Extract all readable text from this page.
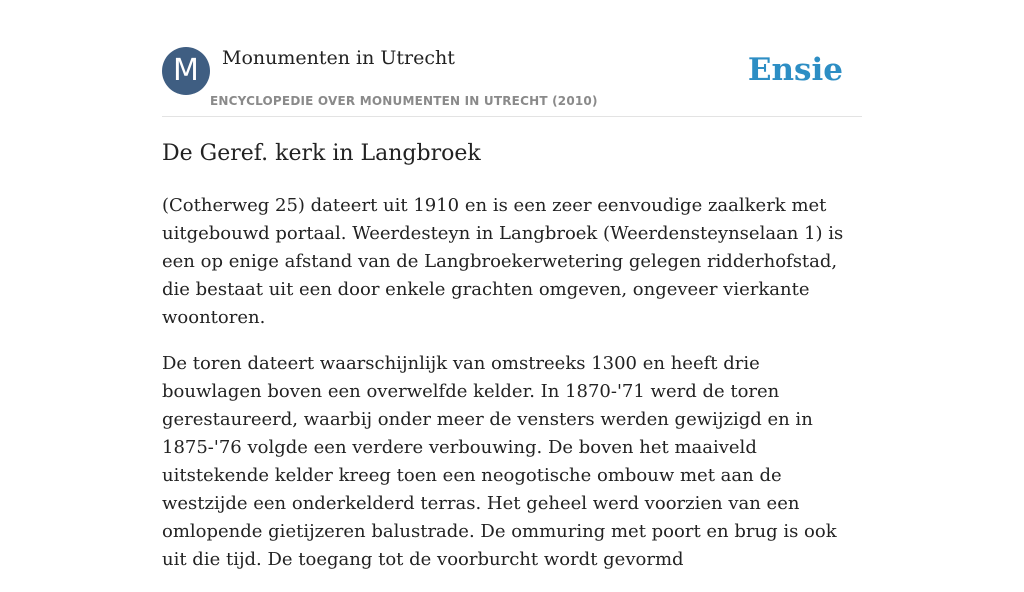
M	Monumenten in Utrecht
ENCYCLOPEDIE OVER MONUMENTEN IN UTRECHT (2010)
Ensie
De Geref. kerk in Langbroek

(Cotherweg 25) dateert uit 1910 en is een zeer eenvoudige zaalkerk met uitgebouwd portaal. Weerdesteyn in Langbroek (Weerdensteynselaan 1) is een op enige afstand van de Langbroekerwetering gelegen ridderhofstad, die bestaat uit een door enkele grachten omgeven, ongeveer vierkante woontoren.

De toren dateert waarschijnlijk van omstreeks 1300 en heeft drie bouwlagen boven een overwelfde kelder. In 1870-'71 werd de toren gerestaureerd, waarbij onder meer de vensters werden gewijzigd en in 1875-'76 volgde een verdere verbouwing. De boven het maaiveld uitstekende kelder kreeg toen een neogotische ombouw met aan de westzijde een onderkelderd terras. Het geheel werd voorzien van een omlopende gietijzeren balustrade. De ommuring met poort en brug is ook uit die tijd. De toegang tot de voorburcht wordt gevormd
